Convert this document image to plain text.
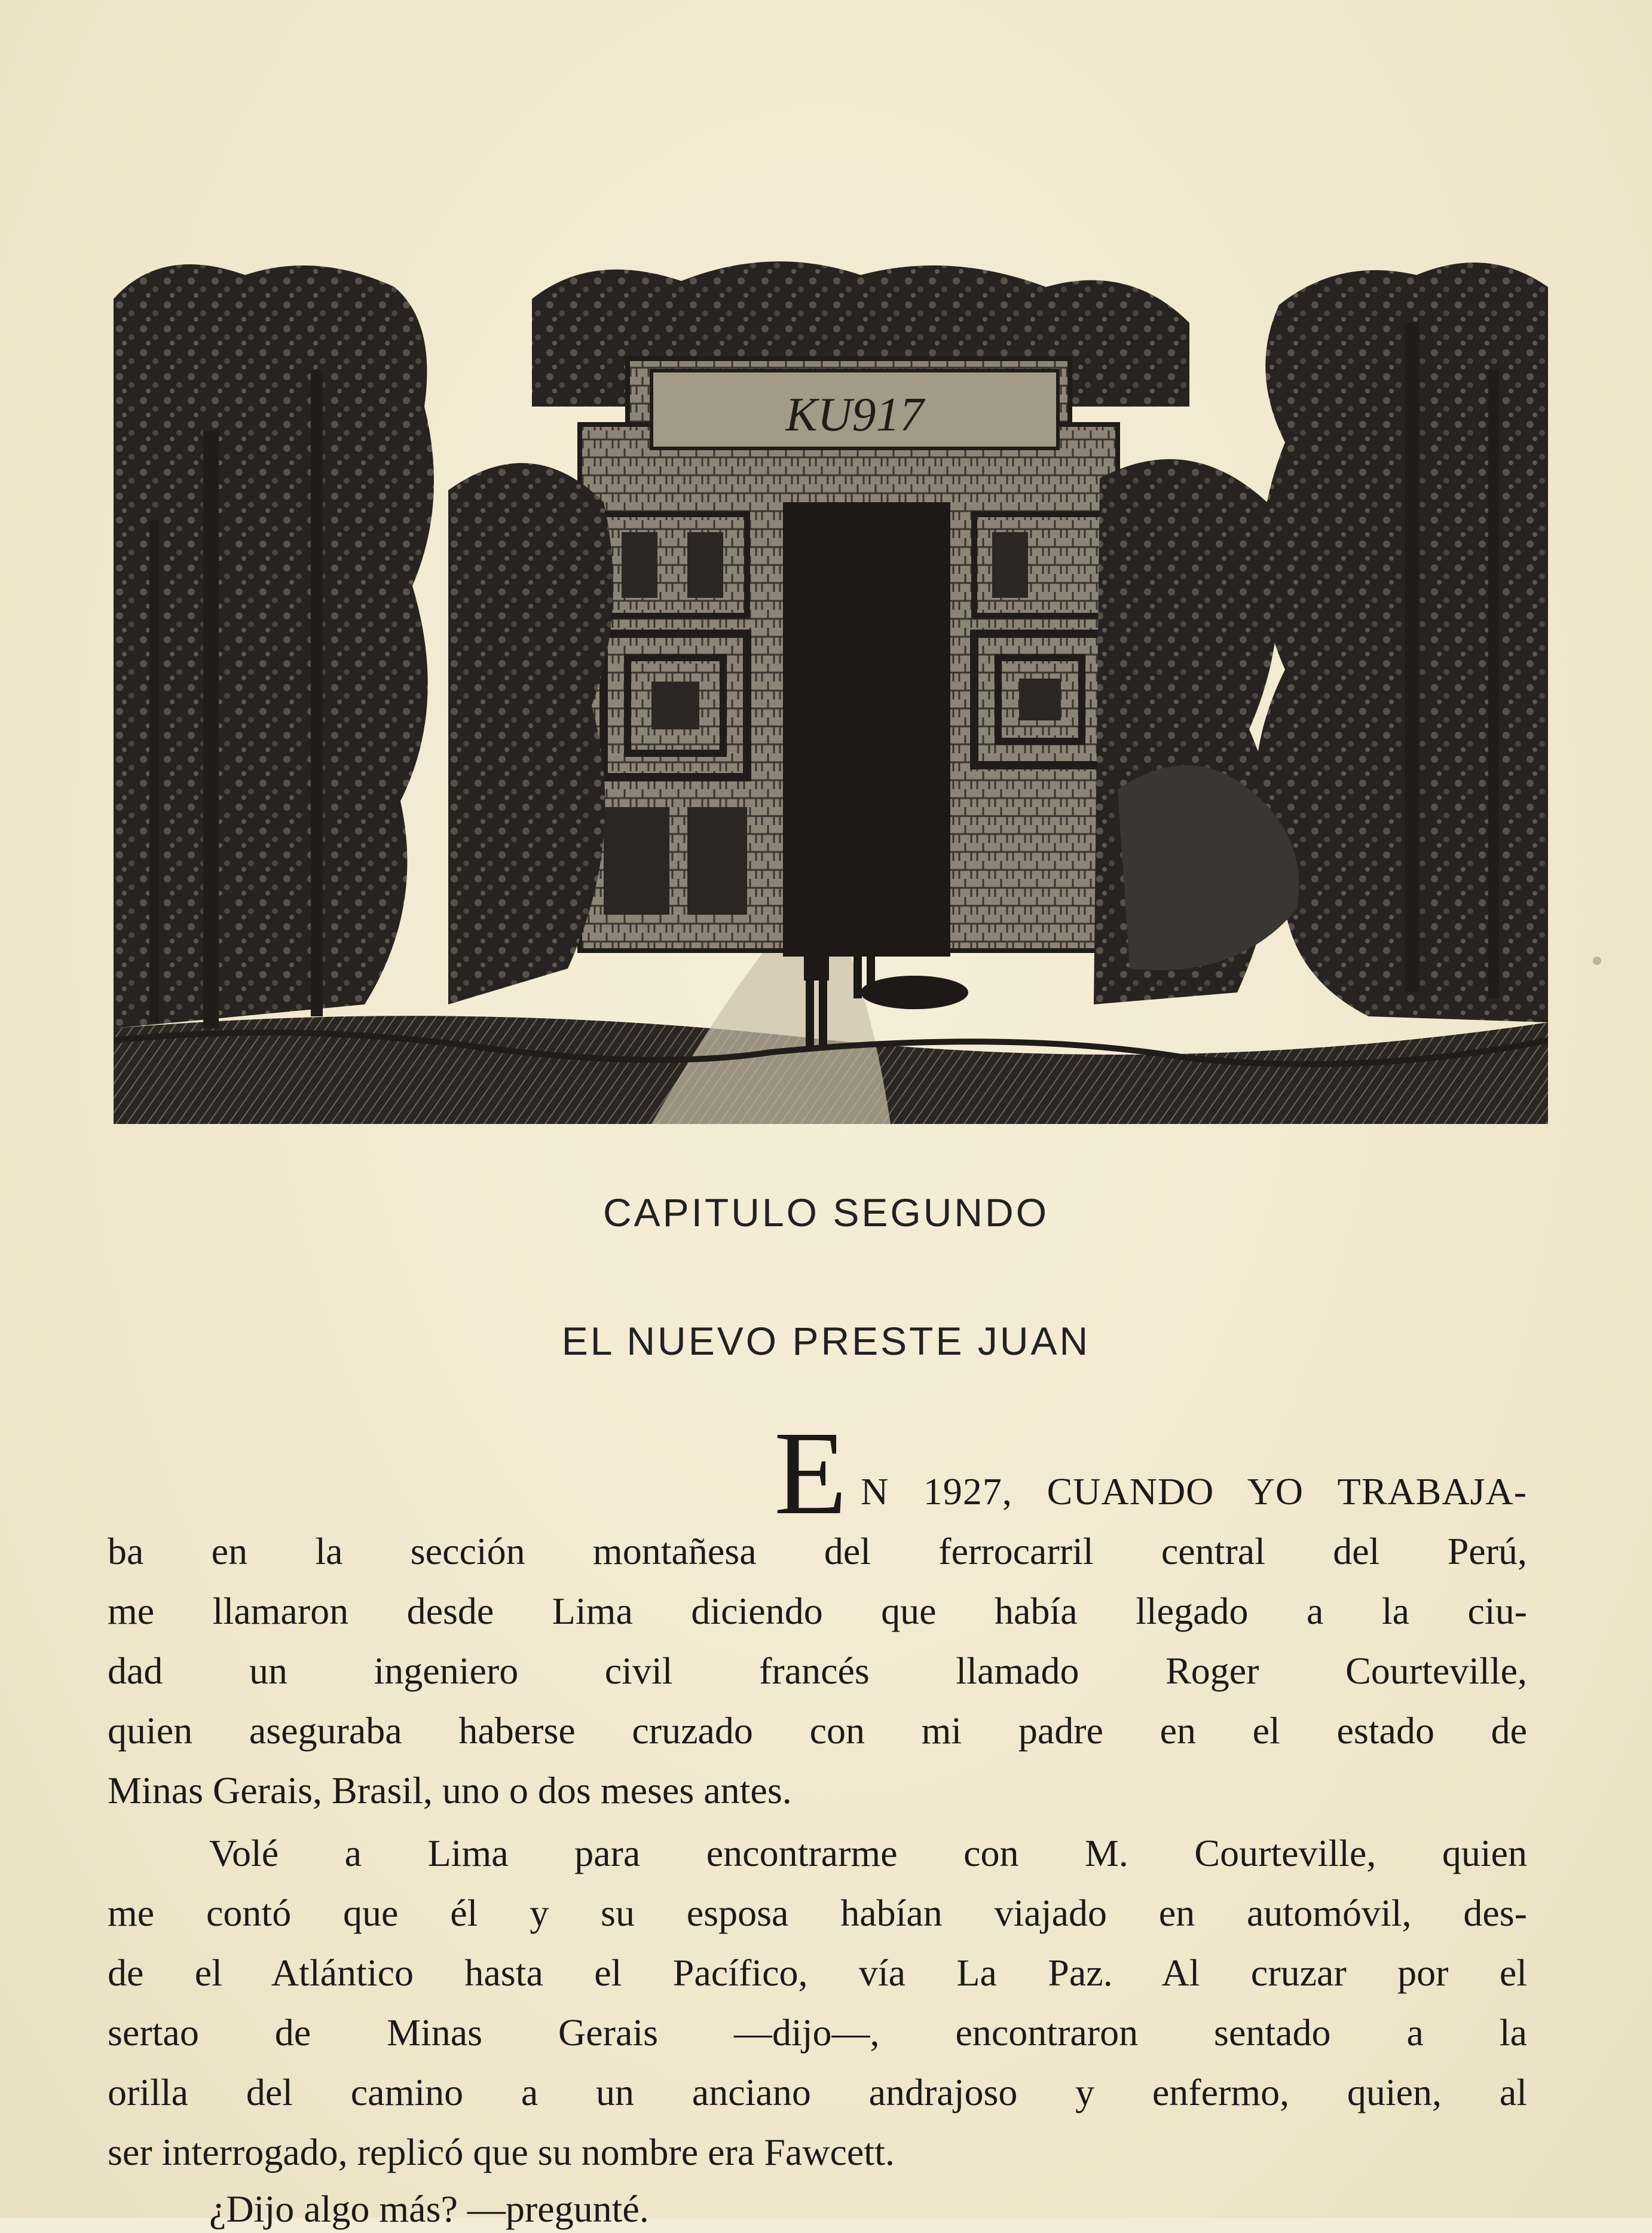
KU917
CAPITULO SEGUNDO
EL NUEVO PRESTE JUAN
E N 1927, CUANDO YO TRABAJA-
ba en la sección montañesa del ferrocarril central del Perú,
me llamaron desde Lima diciendo que había llegado a la ciu-
dad un ingeniero civil francés llamado Roger Courteville,
quien aseguraba haberse cruzado con mi padre en el estado de
Minas Gerais, Brasil, uno o dos meses antes.
Volé a Lima para encontrarme con M. Courteville, quien
me contó que él y su esposa habían viajado en automóvil, des-
de el Atlántico hasta el Pacífico, vía La Paz. Al cruzar por el
sertao de Minas Gerais —dijo—, encontraron sentado a la
orilla del camino a un anciano andrajoso y enfermo, quien, al
ser interrogado, replicó que su nombre era Fawcett.
¿Dijo algo más? —pregunté.
